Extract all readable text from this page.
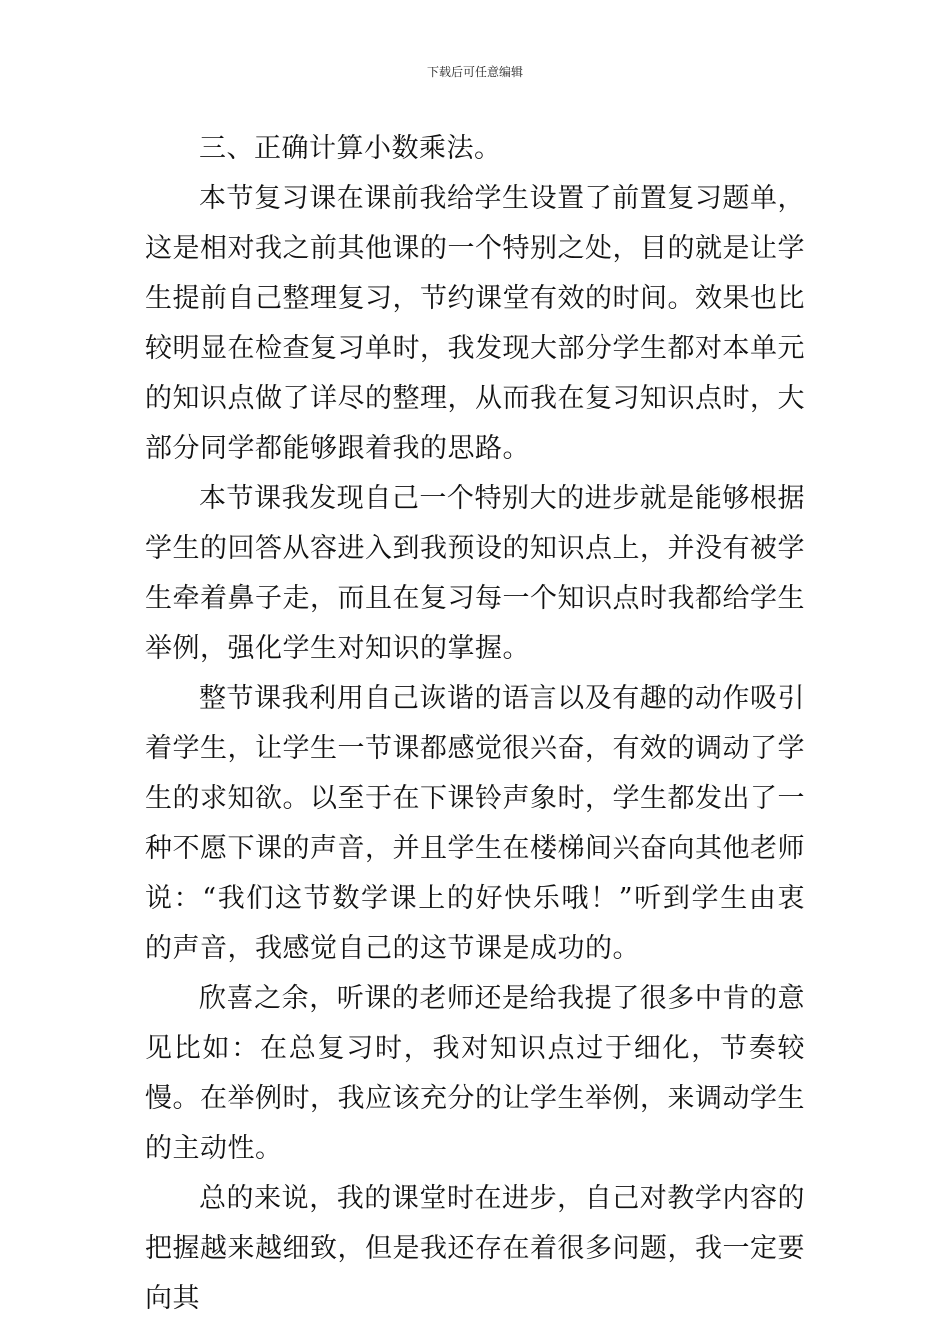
下载后可任意编辑

三、正确计算小数乘法。

本节复习课在课前我给学生设置了前置复习题单，这是相对我之前其他课的一个特别之处，目的就是让学生提前自己整理复习，节约课堂有效的时间。效果也比较明显在检查复习单时，我发现大部分学生都对本单元的知识点做了详尽的整理，从而我在复习知识点时，大部分同学都能够跟着我的思路。

本节课我发现自己一个特别大的进步就是能够根据学生的回答从容进入到我预设的知识点上，并没有被学生牵着鼻子走，而且在复习每一个知识点时我都给学生举例，强化学生对知识的掌握。

整节课我利用自己诙谐的语言以及有趣的动作吸引着学生，让学生一节课都感觉很兴奋，有效的调动了学生的求知欲。以至于在下课铃声象时，学生都发出了一种不愿下课的声音，并且学生在楼梯间兴奋向其他老师说：“我们这节数学课上的好快乐哦！”听到学生由衷的声音，我感觉自己的这节课是成功的。

欣喜之余，听课的老师还是给我提了很多中肯的意见比如：在总复习时，我对知识点过于细化，节奏较慢。在举例时，我应该充分的让学生举例，来调动学生的主动性。

总的来说，我的课堂时在进步，自己对教学内容的把握越来越细致，但是我还存在着很多问题，我一定要向其
